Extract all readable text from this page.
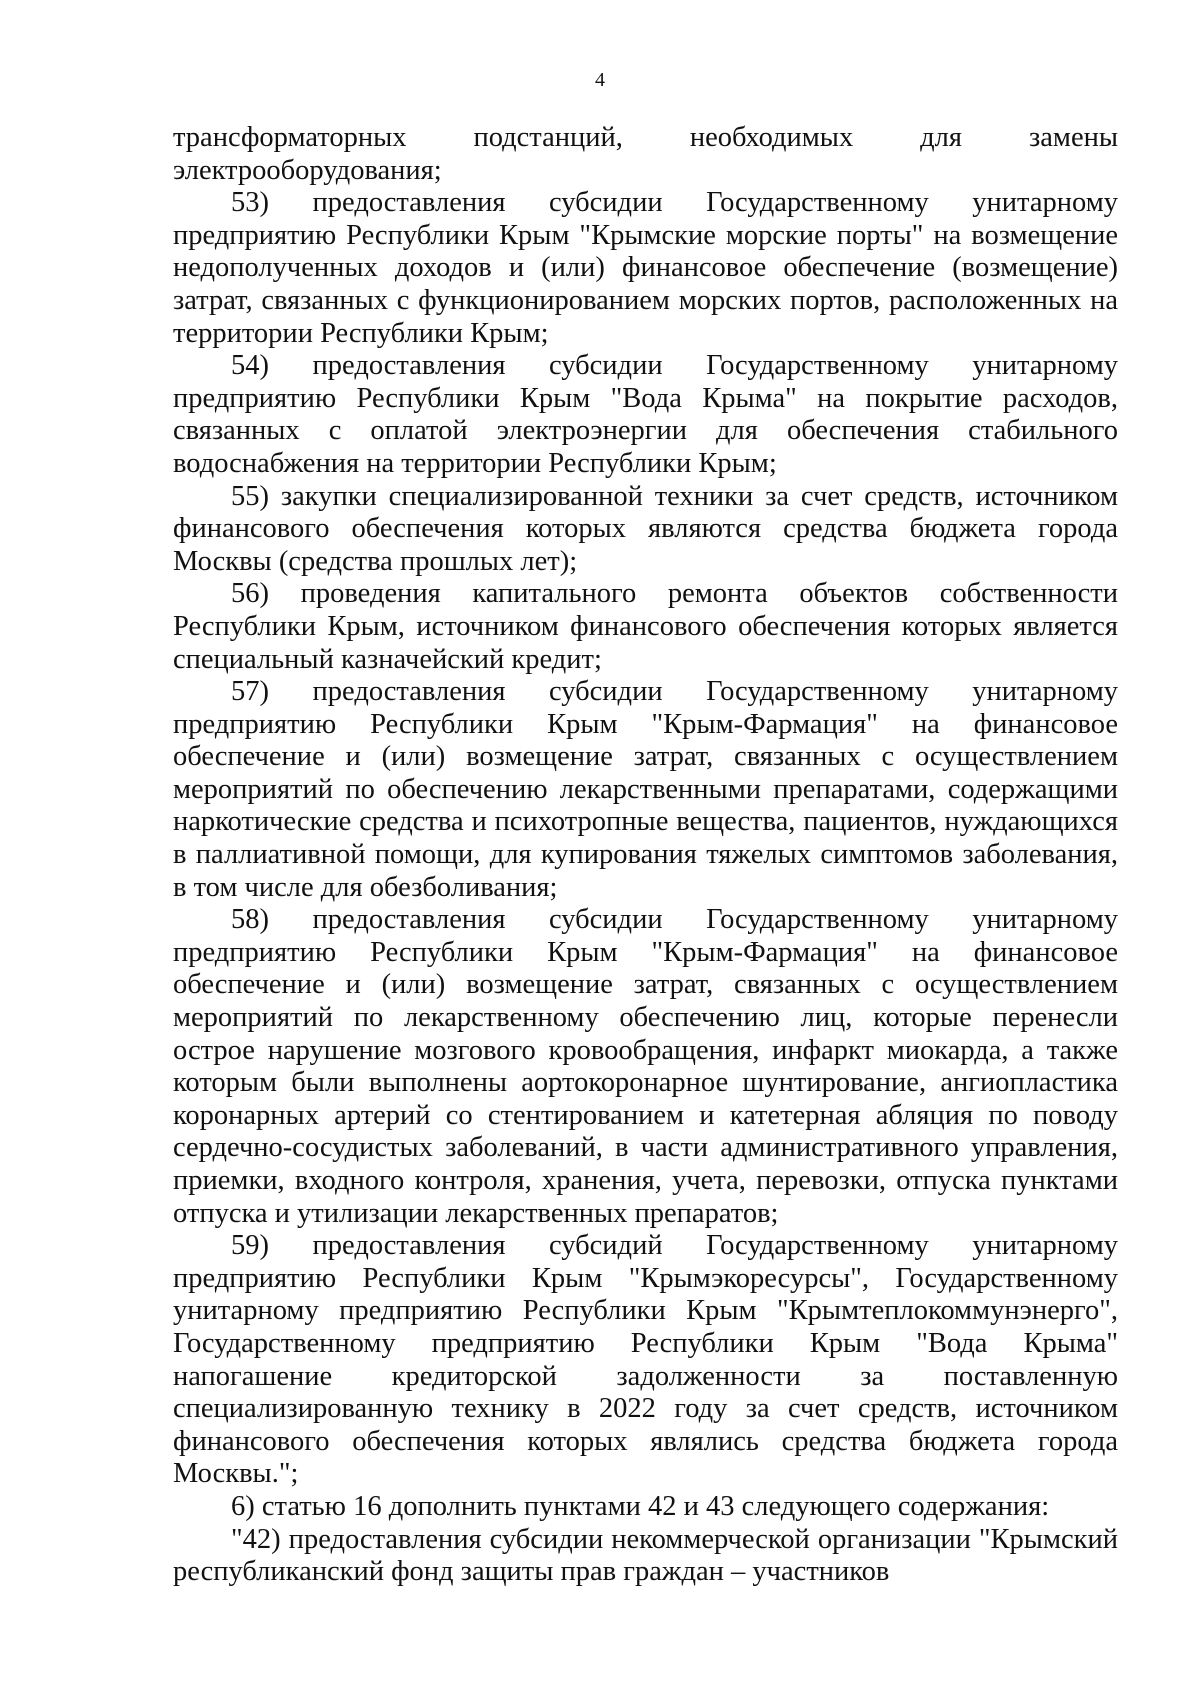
4

трансформаторных подстанций, необходимых для замены электрооборудования;

53) предоставления субсидии Государственному унитарному предприятию Республики Крым "Крымские морские порты" на возмещение недополученных доходов и (или) финансовое обеспечение (возмещение) затрат, связанных с функционированием морских портов, расположенных на территории Республики Крым;

54) предоставления субсидии Государственному унитарному предприятию Республики Крым "Вода Крыма" на покрытие расходов, связанных с оплатой электроэнергии для обеспечения стабильного водоснабжения на территории Республики Крым;

55) закупки специализированной техники за счет средств, источником финансового обеспечения которых являются средства бюджета города Москвы (средства прошлых лет);

56) проведения капитального ремонта объектов собственности Республики Крым, источником финансового обеспечения которых является специальный казначейский кредит;

57) предоставления субсидии Государственному унитарному предприятию Республики Крым "Крым-Фармация" на финансовое обеспечение и (или) возмещение затрат, связанных с осуществлением мероприятий по обеспечению лекарственными препаратами, содержащими наркотические средства и психотропные вещества, пациентов, нуждающихся в паллиативной помощи, для купирования тяжелых симптомов заболевания, в том числе для обезболивания;

58) предоставления субсидии Государственному унитарному предприятию Республики Крым "Крым-Фармация" на финансовое обеспечение и (или) возмещение затрат, связанных с осуществлением мероприятий по лекарственному обеспечению лиц, которые перенесли острое нарушение мозгового кровообращения, инфаркт миокарда, а также которым были выполнены аортокоронарное шунтирование, ангиопластика коронарных артерий со стентированием и катетерная абляция по поводу сердечно-сосудистых заболеваний, в части административного управления, приемки, входного контроля, хранения, учета, перевозки, отпуска пунктами отпуска и утилизации лекарственных препаратов;

59) предоставления субсидий Государственному унитарному предприятию Республики Крым "Крымэкоресурсы", Государственному унитарному предприятию Республики Крым "Крымтеплокоммунэнерго", Государственному предприятию Республики Крым "Вода Крыма" напогашение кредиторской задолженности за поставленную специализированную технику в 2022 году за счет средств, источником финансового обеспечения которых являлись средства бюджета города Москвы.";

6) статью 16 дополнить пунктами 42 и 43 следующего содержания:

"42) предоставления субсидии некоммерческой организации "Крымский республиканский фонд защиты прав граждан – участников
